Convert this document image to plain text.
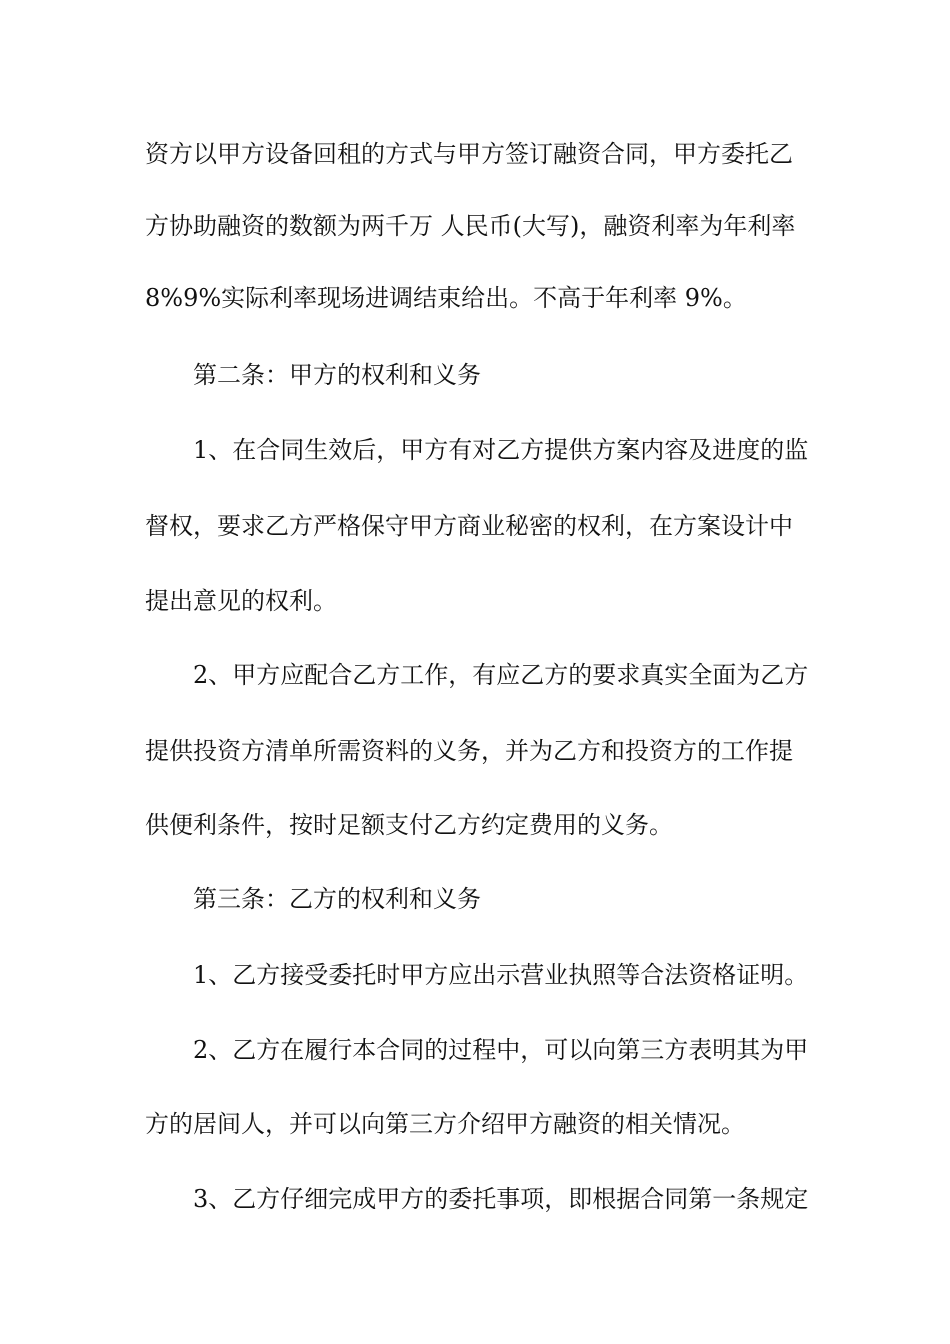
资方以甲方设备回租的方式与甲方签订融资合同，甲方委托乙
方协助融资的数额为两千万 人民币(大写)，融资利率为年利率
8%9%实际利率现场进调结束给出。不高于年利率 9%。
第二条：甲方的权利和义务
1、在合同生效后，甲方有对乙方提供方案内容及进度的监
督权，要求乙方严格保守甲方商业秘密的权利，在方案设计中
提出意见的权利。
2、甲方应配合乙方工作，有应乙方的要求真实全面为乙方
提供投资方清单所需资料的义务，并为乙方和投资方的工作提
供便利条件，按时足额支付乙方约定费用的义务。
第三条：乙方的权利和义务
1、乙方接受委托时甲方应出示营业执照等合法资格证明。
2、乙方在履行本合同的过程中，可以向第三方表明其为甲
方的居间人，并可以向第三方介绍甲方融资的相关情况。
3、乙方仔细完成甲方的委托事项，即根据合同第一条规定
